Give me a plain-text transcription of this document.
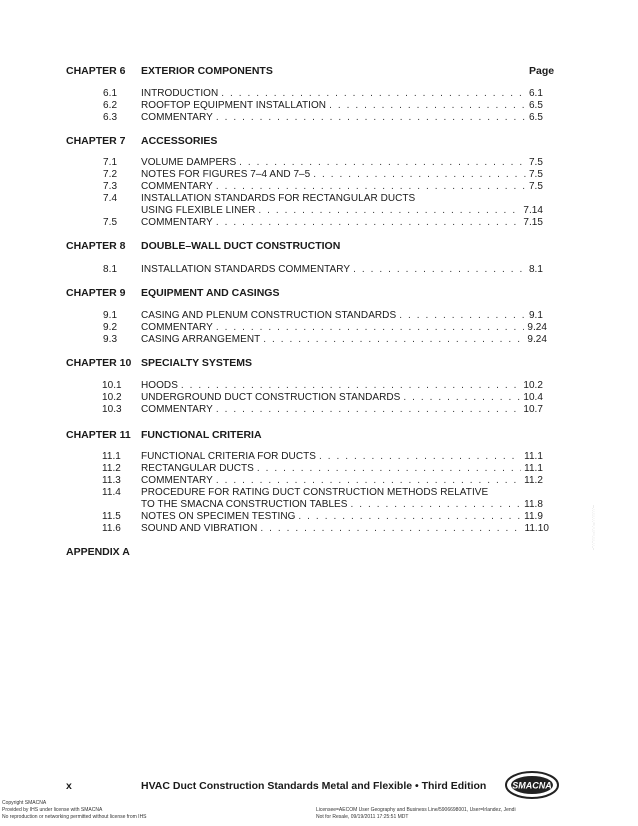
CHAPTER 6 EXTERIOR COMPONENTS	Page
6.1 INTRODUCTION . . .	6.1
6.2 ROOFTOP EQUIPMENT INSTALLATION . . .	6.5
6.3 COMMENTARY . . .	6.5
CHAPTER 7 ACCESSORIES
7.1 VOLUME DAMPERS . . .	7.5
7.2 NOTES FOR FIGURES 7–4 AND 7–5 . . .	7.5
7.3 COMMENTARY . . .	7.5
7.4 INSTALLATION STANDARDS FOR RECTANGULAR DUCTS
USING FLEXIBLE LINER . . .	7.14
7.5 COMMENTARY . . .	7.15
CHAPTER 8 DOUBLE–WALL DUCT CONSTRUCTION
8.1 INSTALLATION STANDARDS COMMENTARY . . .	8.1
CHAPTER 9 EQUIPMENT AND CASINGS
9.1 CASING AND PLENUM CONSTRUCTION STANDARDS . . .	9.1
9.2 COMMENTARY . . .	9.24
9.3 CASING ARRANGEMENT . . .	9.24
CHAPTER 10 SPECIALTY SYSTEMS
10.1 HOODS . . .	10.2
10.2 UNDERGROUND DUCT CONSTRUCTION STANDARDS . . .	10.4
10.3 COMMENTARY . . .	10.7
CHAPTER 11 FUNCTIONAL CRITERIA
11.1 FUNCTIONAL CRITERIA FOR DUCTS . . .	11.1
11.2 RECTANGULAR DUCTS . . .	11.1
11.3 COMMENTARY . . .	11.2
11.4 PROCEDURE FOR RATING DUCT CONSTRUCTION METHODS RELATIVE
TO THE SMACNA CONSTRUCTION TABLES . . .	11.8
11.5 NOTES ON SPECIMEN TESTING . . .	11.9
11.6 SOUND AND VIBRATION . . .	11.10
APPENDIX A
--``,`,``,`,`,`,,,,,`,`,,`,,,,,`,`,`,`,`,`,`,`---
x	HVAC Duct Construction Standards Metal and Flexible • Third Edition	SMACNA
Copyright SMACNA
Provided by IHS under license with SMACNA
No reproduction or networking permitted without license from IHS
Licensee=AECOM User Geography and Business Line/5906698001, User=Irlandez, Jendi
Not for Resale, 09/19/2011 17:25:51 MDT
